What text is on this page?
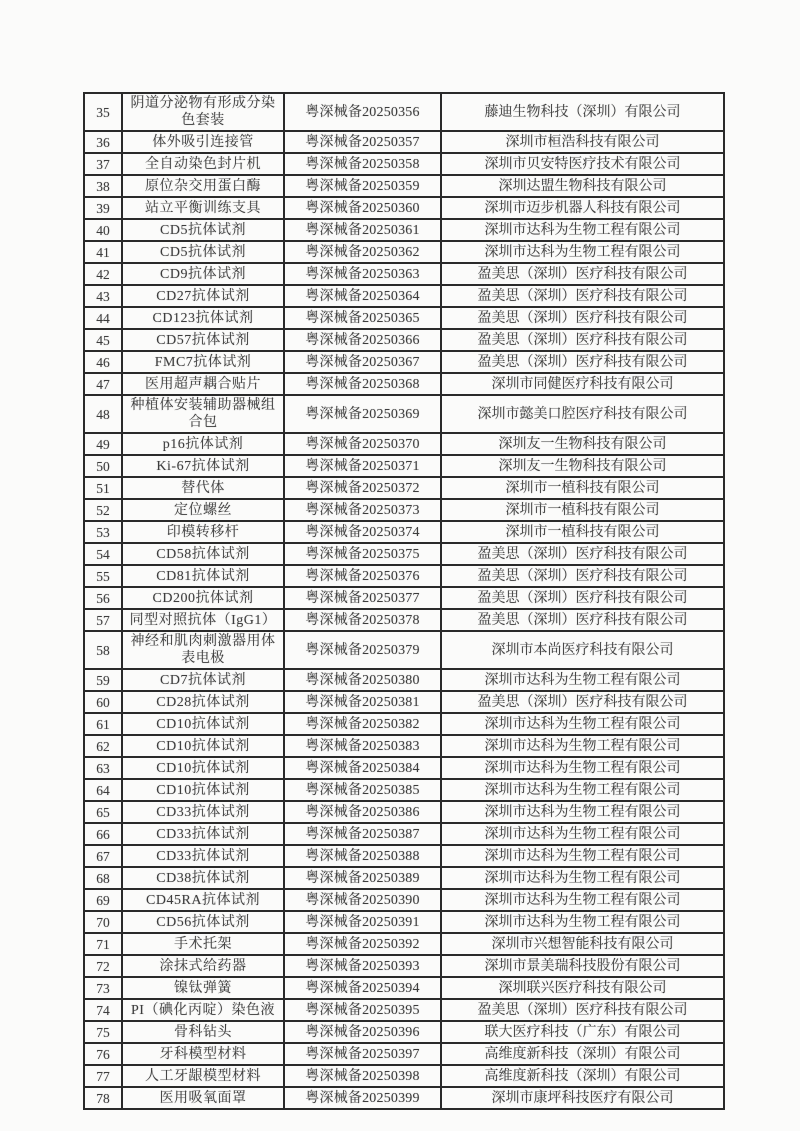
35	阴道分泌物有形成分染色套装	粤深械备20250356	藤迪生物科技（深圳）有限公司
36	体外吸引连接管	粤深械备20250357	深圳市桓浩科技有限公司
37	全自动染色封片机	粤深械备20250358	深圳市贝安特医疗技术有限公司
38	原位杂交用蛋白酶	粤深械备20250359	深圳达盟生物科技有限公司
39	站立平衡训练支具	粤深械备20250360	深圳市迈步机器人科技有限公司
40	CD5抗体试剂	粤深械备20250361	深圳市达科为生物工程有限公司
41	CD5抗体试剂	粤深械备20250362	深圳市达科为生物工程有限公司
42	CD9抗体试剂	粤深械备20250363	盈美思（深圳）医疗科技有限公司
43	CD27抗体试剂	粤深械备20250364	盈美思（深圳）医疗科技有限公司
44	CD123抗体试剂	粤深械备20250365	盈美思（深圳）医疗科技有限公司
45	CD57抗体试剂	粤深械备20250366	盈美思（深圳）医疗科技有限公司
46	FMC7抗体试剂	粤深械备20250367	盈美思（深圳）医疗科技有限公司
47	医用超声耦合贴片	粤深械备20250368	深圳市同健医疗科技有限公司
48	种植体安装辅助器械组合包	粤深械备20250369	深圳市懿美口腔医疗科技有限公司
49	p16抗体试剂	粤深械备20250370	深圳友一生物科技有限公司
50	Ki-67抗体试剂	粤深械备20250371	深圳友一生物科技有限公司
51	替代体	粤深械备20250372	深圳市一植科技有限公司
52	定位螺丝	粤深械备20250373	深圳市一植科技有限公司
53	印模转移杆	粤深械备20250374	深圳市一植科技有限公司
54	CD58抗体试剂	粤深械备20250375	盈美思（深圳）医疗科技有限公司
55	CD81抗体试剂	粤深械备20250376	盈美思（深圳）医疗科技有限公司
56	CD200抗体试剂	粤深械备20250377	盈美思（深圳）医疗科技有限公司
57	同型对照抗体（IgG1）	粤深械备20250378	盈美思（深圳）医疗科技有限公司
58	神经和肌肉刺激器用体表电极	粤深械备20250379	深圳市本尚医疗科技有限公司
59	CD7抗体试剂	粤深械备20250380	深圳市达科为生物工程有限公司
60	CD28抗体试剂	粤深械备20250381	盈美思（深圳）医疗科技有限公司
61	CD10抗体试剂	粤深械备20250382	深圳市达科为生物工程有限公司
62	CD10抗体试剂	粤深械备20250383	深圳市达科为生物工程有限公司
63	CD10抗体试剂	粤深械备20250384	深圳市达科为生物工程有限公司
64	CD10抗体试剂	粤深械备20250385	深圳市达科为生物工程有限公司
65	CD33抗体试剂	粤深械备20250386	深圳市达科为生物工程有限公司
66	CD33抗体试剂	粤深械备20250387	深圳市达科为生物工程有限公司
67	CD33抗体试剂	粤深械备20250388	深圳市达科为生物工程有限公司
68	CD38抗体试剂	粤深械备20250389	深圳市达科为生物工程有限公司
69	CD45RA抗体试剂	粤深械备20250390	深圳市达科为生物工程有限公司
70	CD56抗体试剂	粤深械备20250391	深圳市达科为生物工程有限公司
71	手术托架	粤深械备20250392	深圳市兴想智能科技有限公司
72	涂抹式给药器	粤深械备20250393	深圳市景美瑞科技股份有限公司
73	镍钛弹簧	粤深械备20250394	深圳联兴医疗科技有限公司
74	PI（碘化丙啶）染色液	粤深械备20250395	盈美思（深圳）医疗科技有限公司
75	骨科钻头	粤深械备20250396	联大医疗科技（广东）有限公司
76	牙科模型材料	粤深械备20250397	高维度新科技（深圳）有限公司
77	人工牙龈模型材料	粤深械备20250398	高维度新科技（深圳）有限公司
78	医用吸氧面罩	粤深械备20250399	深圳市康坪科技医疗有限公司
